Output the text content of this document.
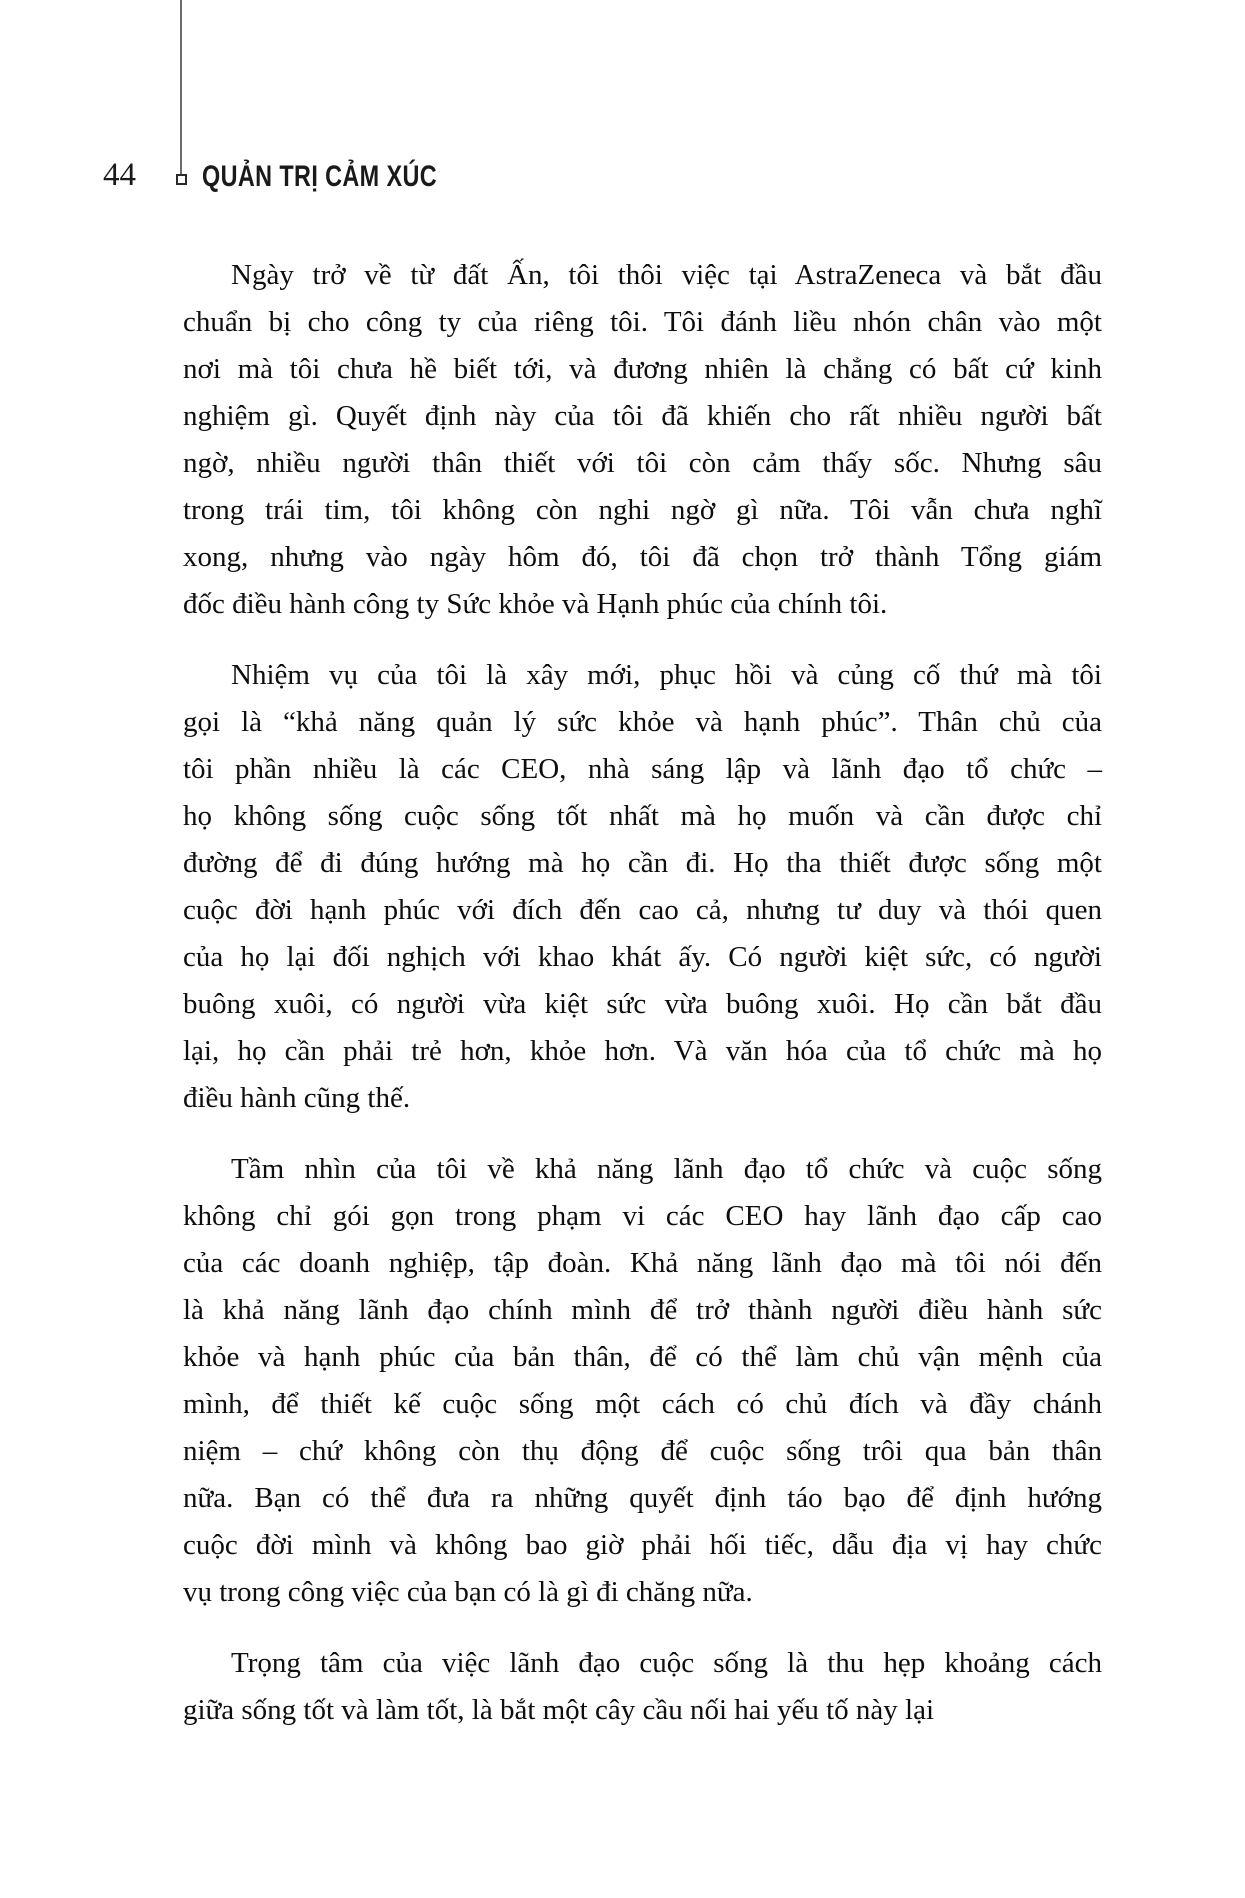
44 QUẢN TRỊ CẢM XÚC
Ngày trở về từ đất Ấn, tôi thôi việc tại AstraZeneca và bắt đầu
chuẩn bị cho công ty của riêng tôi. Tôi đánh liều nhón chân vào một
nơi mà tôi chưa hề biết tới, và đương nhiên là chẳng có bất cứ kinh
nghiệm gì. Quyết định này của tôi đã khiến cho rất nhiều người bất
ngờ, nhiều người thân thiết với tôi còn cảm thấy sốc. Nhưng sâu
trong trái tim, tôi không còn nghi ngờ gì nữa. Tôi vẫn chưa nghĩ
xong, nhưng vào ngày hôm đó, tôi đã chọn trở thành Tổng giám
đốc điều hành công ty Sức khỏe và Hạnh phúc của chính tôi.
Nhiệm vụ của tôi là xây mới, phục hồi và củng cố thứ mà tôi
gọi là “khả năng quản lý sức khỏe và hạnh phúc”. Thân chủ của
tôi phần nhiều là các CEO, nhà sáng lập và lãnh đạo tổ chức –
họ không sống cuộc sống tốt nhất mà họ muốn và cần được chỉ
đường để đi đúng hướng mà họ cần đi. Họ tha thiết được sống một
cuộc đời hạnh phúc với đích đến cao cả, nhưng tư duy và thói quen
của họ lại đối nghịch với khao khát ấy. Có người kiệt sức, có người
buông xuôi, có người vừa kiệt sức vừa buông xuôi. Họ cần bắt đầu
lại, họ cần phải trẻ hơn, khỏe hơn. Và văn hóa của tổ chức mà họ
điều hành cũng thế.
Tầm nhìn của tôi về khả năng lãnh đạo tổ chức và cuộc sống
không chỉ gói gọn trong phạm vi các CEO hay lãnh đạo cấp cao
của các doanh nghiệp, tập đoàn. Khả năng lãnh đạo mà tôi nói đến
là khả năng lãnh đạo chính mình để trở thành người điều hành sức
khỏe và hạnh phúc của bản thân, để có thể làm chủ vận mệnh của
mình, để thiết kế cuộc sống một cách có chủ đích và đầy chánh
niệm – chứ không còn thụ động để cuộc sống trôi qua bản thân
nữa. Bạn có thể đưa ra những quyết định táo bạo để định hướng
cuộc đời mình và không bao giờ phải hối tiếc, dẫu địa vị hay chức
vụ trong công việc của bạn có là gì đi chăng nữa.
Trọng tâm của việc lãnh đạo cuộc sống là thu hẹp khoảng cách
giữa sống tốt và làm tốt, là bắt một cây cầu nối hai yếu tố này lại
